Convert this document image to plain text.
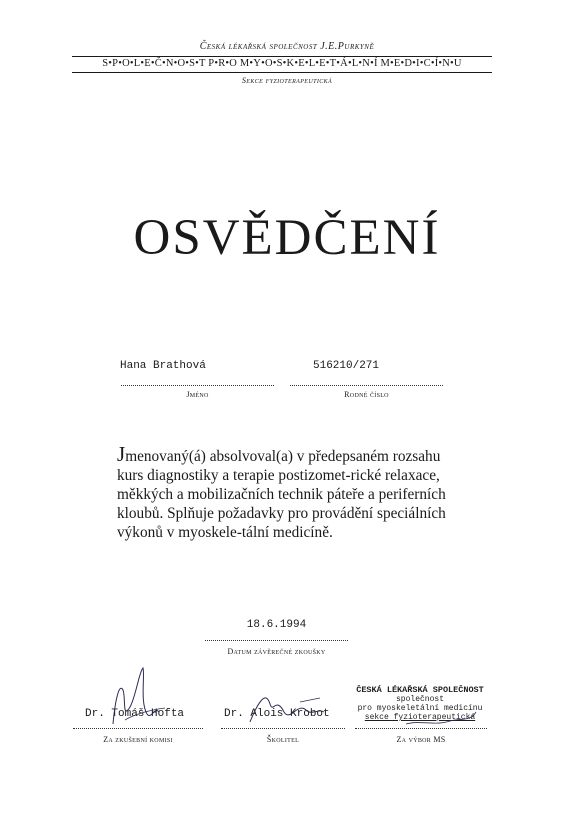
Česká lékařská společnost J.E.Purkyně
S•P•O•L•E•Č•N•O•S•T P•R•O M•Y•O•S•K•E•L•E•T•Á•L•N•Í M•E•D•I•C•Í•N•U
Sekce fyzioterapeutická
OSVĚDČENÍ
Hana Brathová
Jméno
516210/271
Rodné číslo
Jmenovaný(á) absolvoval(a) v předepsaném rozsahu kurs diagnostiky a terapie postizomet-rické relaxace, měkkých a mobilizačních technik páteře a periferních kloubů. Splňuje požadavky pro provádění speciálních výkonů v myoskele-tální medicíně.
18.6.1994
Datum závěrečné zkoušky
Dr. Tomáš Hofta
Za zkušební komisi
Dr. Alois Krobot
Školitel
ČESKÁ LÉKAŘSKÁ SPOLEČNOST
společnost
pro myoskeletální medicínu
sekce fyzioterapeutická
Za výbor MS
